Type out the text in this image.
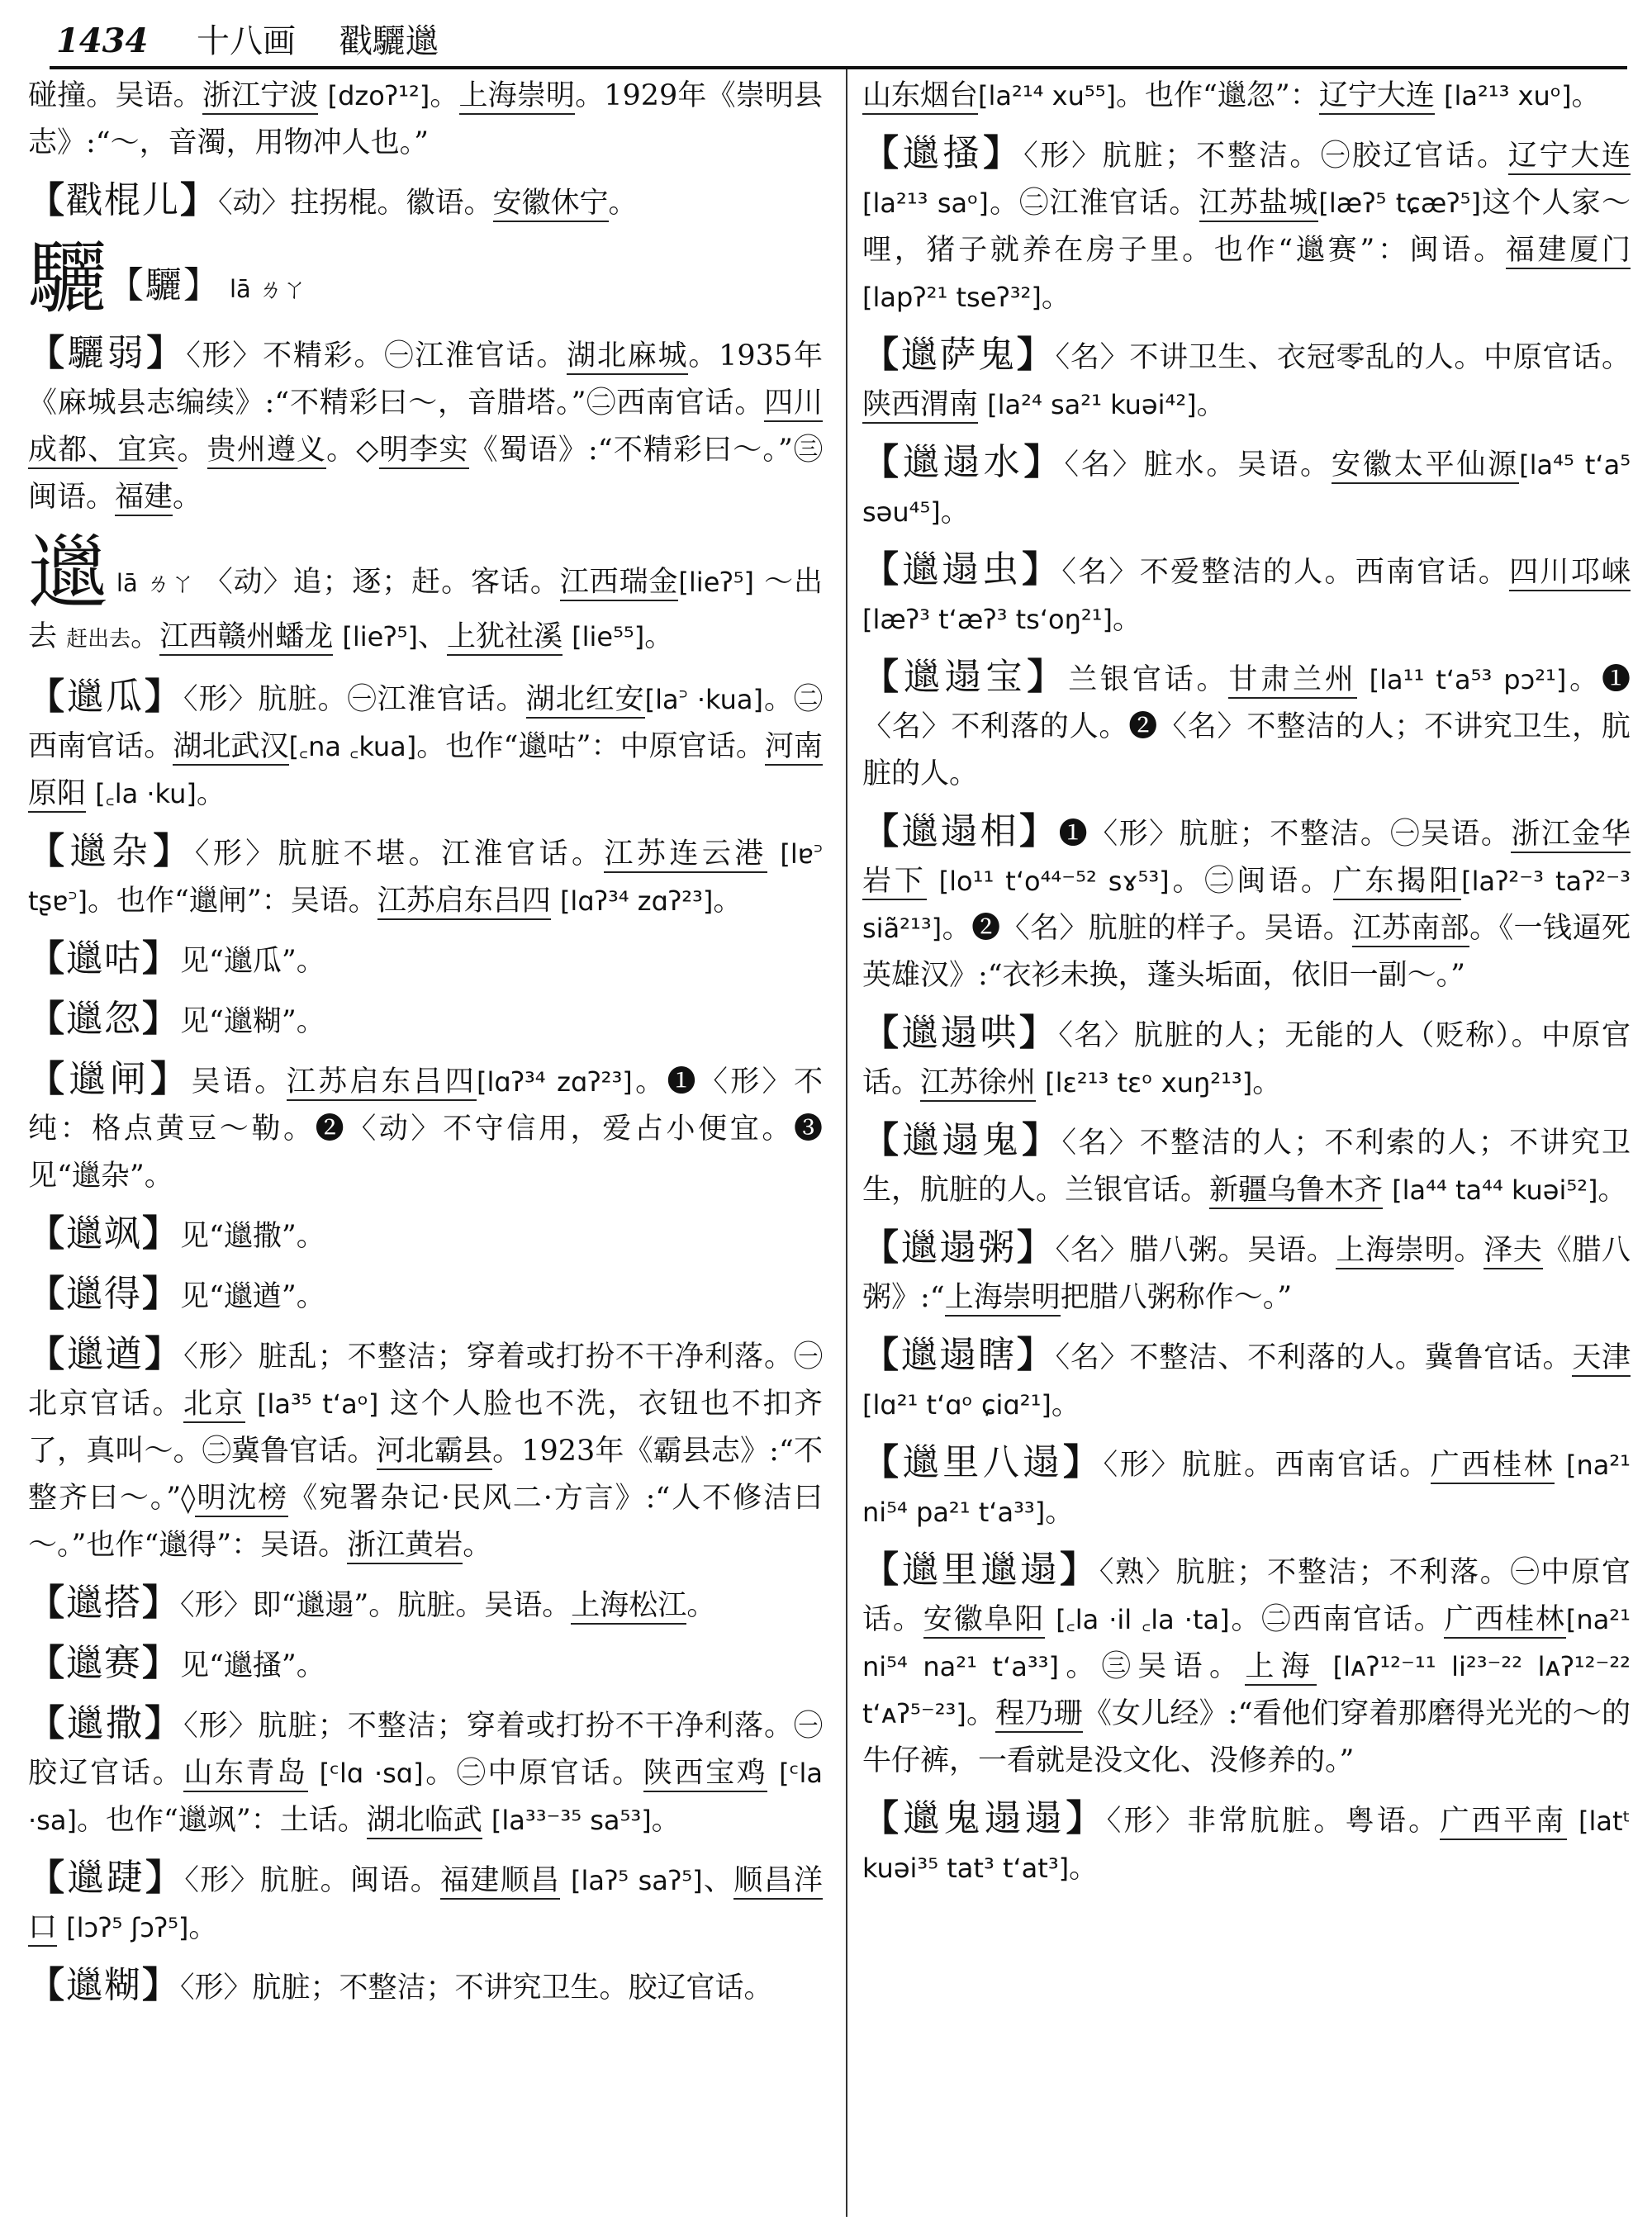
1434 十八画 戳驪邋
碰撞。吴语。浙江宁波 [dzoʔ¹²]。上海崇明。1929年《崇明县志》:“～，音濁，用物冲人也。”
【戳棍儿】〈动〉拄拐棍。徽语。安徽休宁。
驪【驪】 lā ㄌㄚ
【驪弱】〈形〉不精彩。㊀江淮官话。湖北麻城。1935年《麻城县志编续》:“不精彩曰～，音腊塔。”㊁西南官话。四川成都、宜宾。贵州遵义。◇明李实《蜀语》:“不精彩曰～。”㊂闽语。福建。
邋lā ㄌㄚ 〈动〉追；逐；赶。客话。江西瑞金[lieʔ⁵] ～出去 赶出去。江西赣州蟠龙 [lieʔ⁵]、上犹社溪 [lie⁵⁵]。
【邋瓜】〈形〉肮脏。㊀江淮官话。湖北红安[la꜄ ·kua]。㊁西南官话。湖北武汉[꜀na ꜀kua]。也作“邋咕”：中原官话。河南原阳 [꜀la ·ku]。
【邋杂】〈形〉肮脏不堪。江淮官话。江苏连云港 [lɐ꜄ tʂɐ꜄]。也作“邋闸”：吴语。江苏启东吕四 [lɑʔ³⁴ zɑʔ²³]。
【邋咕】见“邋瓜”。
【邋忽】见“邋糊”。
【邋闸】吴语。江苏启东吕四[lɑʔ³⁴ zɑʔ²³]。❶〈形〉不纯：格点黄豆～勒。❷〈动〉不守信用，爱占小便宜。❸见“邋杂”。
【邋飒】见“邋撒”。
【邋得】见“邋遒”。
【邋遒】〈形〉脏乱；不整洁；穿着或打扮不干净利落。㊀北京官话。北京 [la³⁵ t‘aᵒ] 这个人脸也不洗，衣钮也不扣齐了，真叫～。㊁冀鲁官话。河北霸县。1923年《霸县志》:“不整齐曰～。”◊明沈榜《宛署杂记·民风二·方言》:“人不修洁曰～。”也作“邋得”：吴语。浙江黄岩。
【邋搭】〈形〉即“邋遢”。肮脏。吴语。上海松江。
【邋赛】见“邋搔”。
【邋撒】〈形〉肮脏；不整洁；穿着或打扮不干净利落。㊀胶辽官话。山东青岛 [ᶜlɑ ·sɑ]。㊁中原官话。陕西宝鸡 [ᶜla ·sa]。也作“邋飒”：土话。湖北临武 [la³³⁻³⁵ sa⁵³]。
【邋踕】〈形〉肮脏。闽语。福建顺昌 [laʔ⁵ saʔ⁵]、顺昌洋口 [lɔʔ⁵ ʃɔʔ⁵]。
【邋糊】〈形〉肮脏；不整洁；不讲究卫生。胶辽官话。
山东烟台[la²¹⁴ xu⁵⁵]。也作“邋忽”：辽宁大连 [la²¹³ xuᵒ]。
【邋搔】〈形〉肮脏；不整洁。㊀胶辽官话。辽宁大连 [la²¹³ saᵒ]。㊁江淮官话。江苏盐城[læʔ⁵ tɕæʔ⁵]这个人家～哩，猪子就养在房子里。也作“邋赛”：闽语。福建厦门 [lapʔ²¹ tseʔ³²]。
【邋萨鬼】〈名〉不讲卫生、衣冠零乱的人。中原官话。陕西渭南 [la²⁴ sa²¹ kuəi⁴²]。
【邋遢水】〈名〉脏水。吴语。安徽太平仙源[la⁴⁵ t‘a⁵ səu⁴⁵]。
【邋遢虫】〈名〉不爱整洁的人。西南官话。四川邛崃 [læʔ³ t‘æʔ³ ts‘oŋ²¹]。
【邋遢宝】兰银官话。甘肃兰州 [la¹¹ t‘a⁵³ pɔ²¹]。❶〈名〉不利落的人。❷〈名〉不整洁的人；不讲究卫生，肮脏的人。
【邋遢相】❶〈形〉肮脏；不整洁。㊀吴语。浙江金华岩下 [lo¹¹ t‘o⁴⁴⁻⁵² sɤ⁵³]。㊁闽语。广东揭阳[laʔ²⁻³ taʔ²⁻³ siã²¹³]。❷〈名〉肮脏的样子。吴语。江苏南部。《一钱逼死英雄汉》:“衣衫未换，蓬头垢面，依旧一副～。”
【邋遢哄】〈名〉肮脏的人；无能的人（贬称）。中原官话。江苏徐州 [lɛ²¹³ tɛᵒ xuŋ²¹³]。
【邋遢鬼】〈名〉不整洁的人；不利索的人；不讲究卫生，肮脏的人。兰银官话。新疆乌鲁木齐 [la⁴⁴ ta⁴⁴ kuəi⁵²]。
【邋遢粥】〈名〉腊八粥。吴语。上海崇明。泽夫《腊八粥》:“上海崇明把腊八粥称作～。”
【邋遢瞎】〈名〉不整洁、不利落的人。冀鲁官话。天津 [lɑ²¹ t‘ɑᵒ ɕiɑ²¹]。
【邋里八遢】〈形〉肮脏。西南官话。广西桂林 [na²¹ ni⁵⁴ pa²¹ t‘a³³]。
【邋里邋遢】〈熟〉肮脏；不整洁；不利落。㊀中原官话。安徽阜阳 [꜀la ·il ꜀la ·ta]。㊁西南官话。广西桂林[na²¹ ni⁵⁴ na²¹ t‘a³³]。㊂吴语。上海 [lᴀʔ¹²⁻¹¹ li²³⁻²² lᴀʔ¹²⁻²² t‘ᴀʔ⁵⁻²³]。程乃珊《女儿经》:“看他们穿着那磨得光光的～的牛仔裤，一看就是没文化、没修养的。”
【邋鬼遢遢】〈形〉非常肮脏。粤语。广西平南 [latᵗ kuəi³⁵ tat³ t‘at³]。
